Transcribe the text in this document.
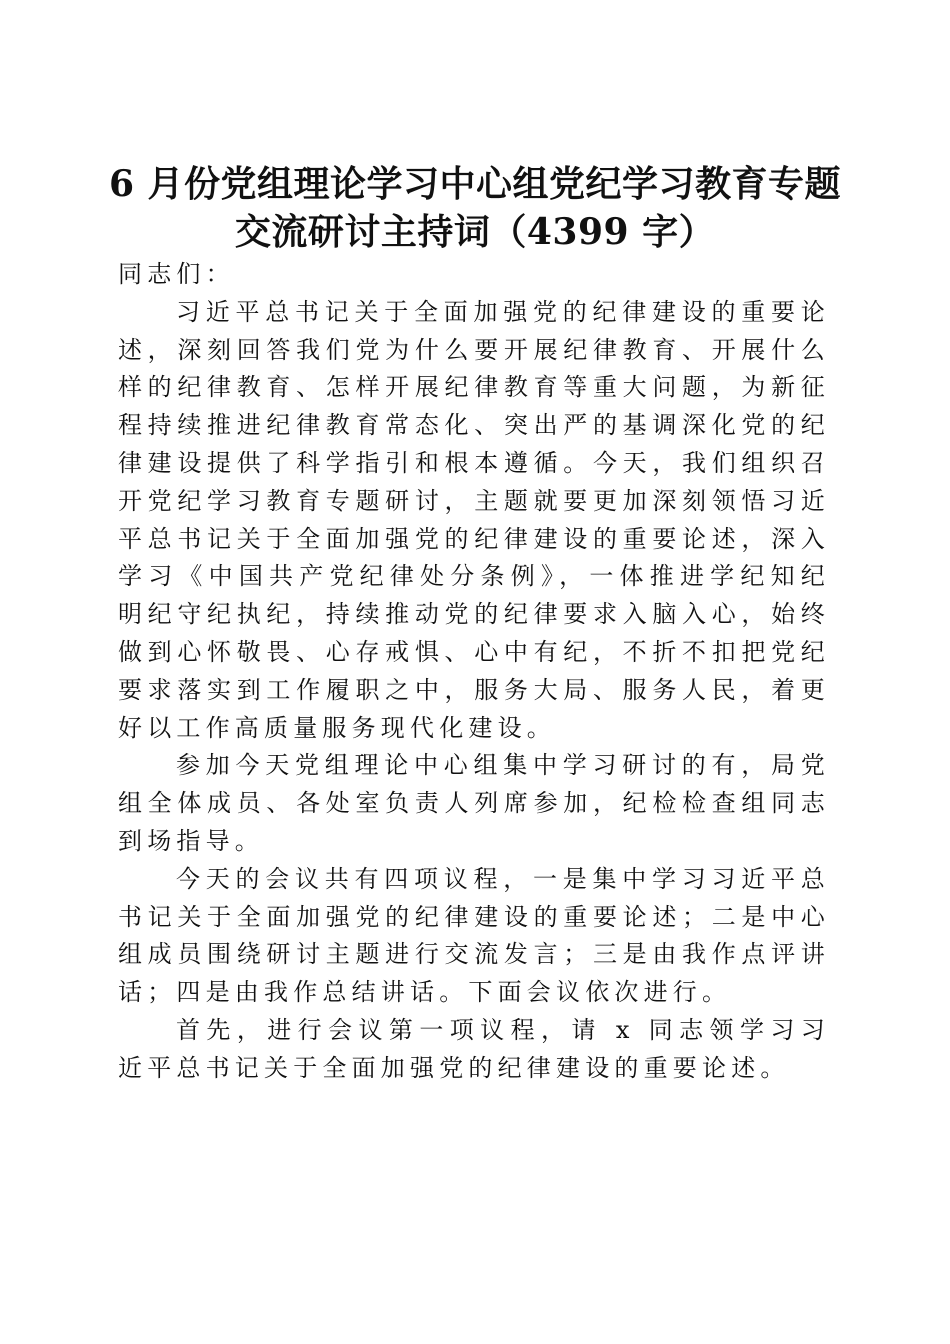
6 月份党组理论学习中心组党纪学习教育专题
交流研讨主持词（4399 字）

同志们：

习近平总书记关于全面加强党的纪律建设的重要论述，深刻回答我们党为什么要开展纪律教育、开展什么样的纪律教育、怎样开展纪律教育等重大问题，为新征程持续推进纪律教育常态化、突出严的基调深化党的纪律建设提供了科学指引和根本遵循。今天，我们组织召开党纪学习教育专题研讨，主题就要更加深刻领悟习近平总书记关于全面加强党的纪律建设的重要论述，深入学习《中国共产党纪律处分条例》，一体推进学纪知纪明纪守纪执纪，持续推动党的纪律要求入脑入心，始终做到心怀敬畏、心存戒惧、心中有纪，不折不扣把党纪要求落实到工作履职之中，服务大局、服务人民，着更好以工作高质量服务现代化建设。

参加今天党组理论中心组集中学习研讨的有，局党组全体成员、各处室负责人列席参加，纪检检查组同志到场指导。

今天的会议共有四项议程，一是集中学习习近平总书记关于全面加强党的纪律建设的重要论述；二是中心组成员围绕研讨主题进行交流发言；三是由我作点评讲话；四是由我作总结讲话。下面会议依次进行。

首先，进行会议第一项议程，请 x 同志领学习习近平总书记关于全面加强党的纪律建设的重要论述。
